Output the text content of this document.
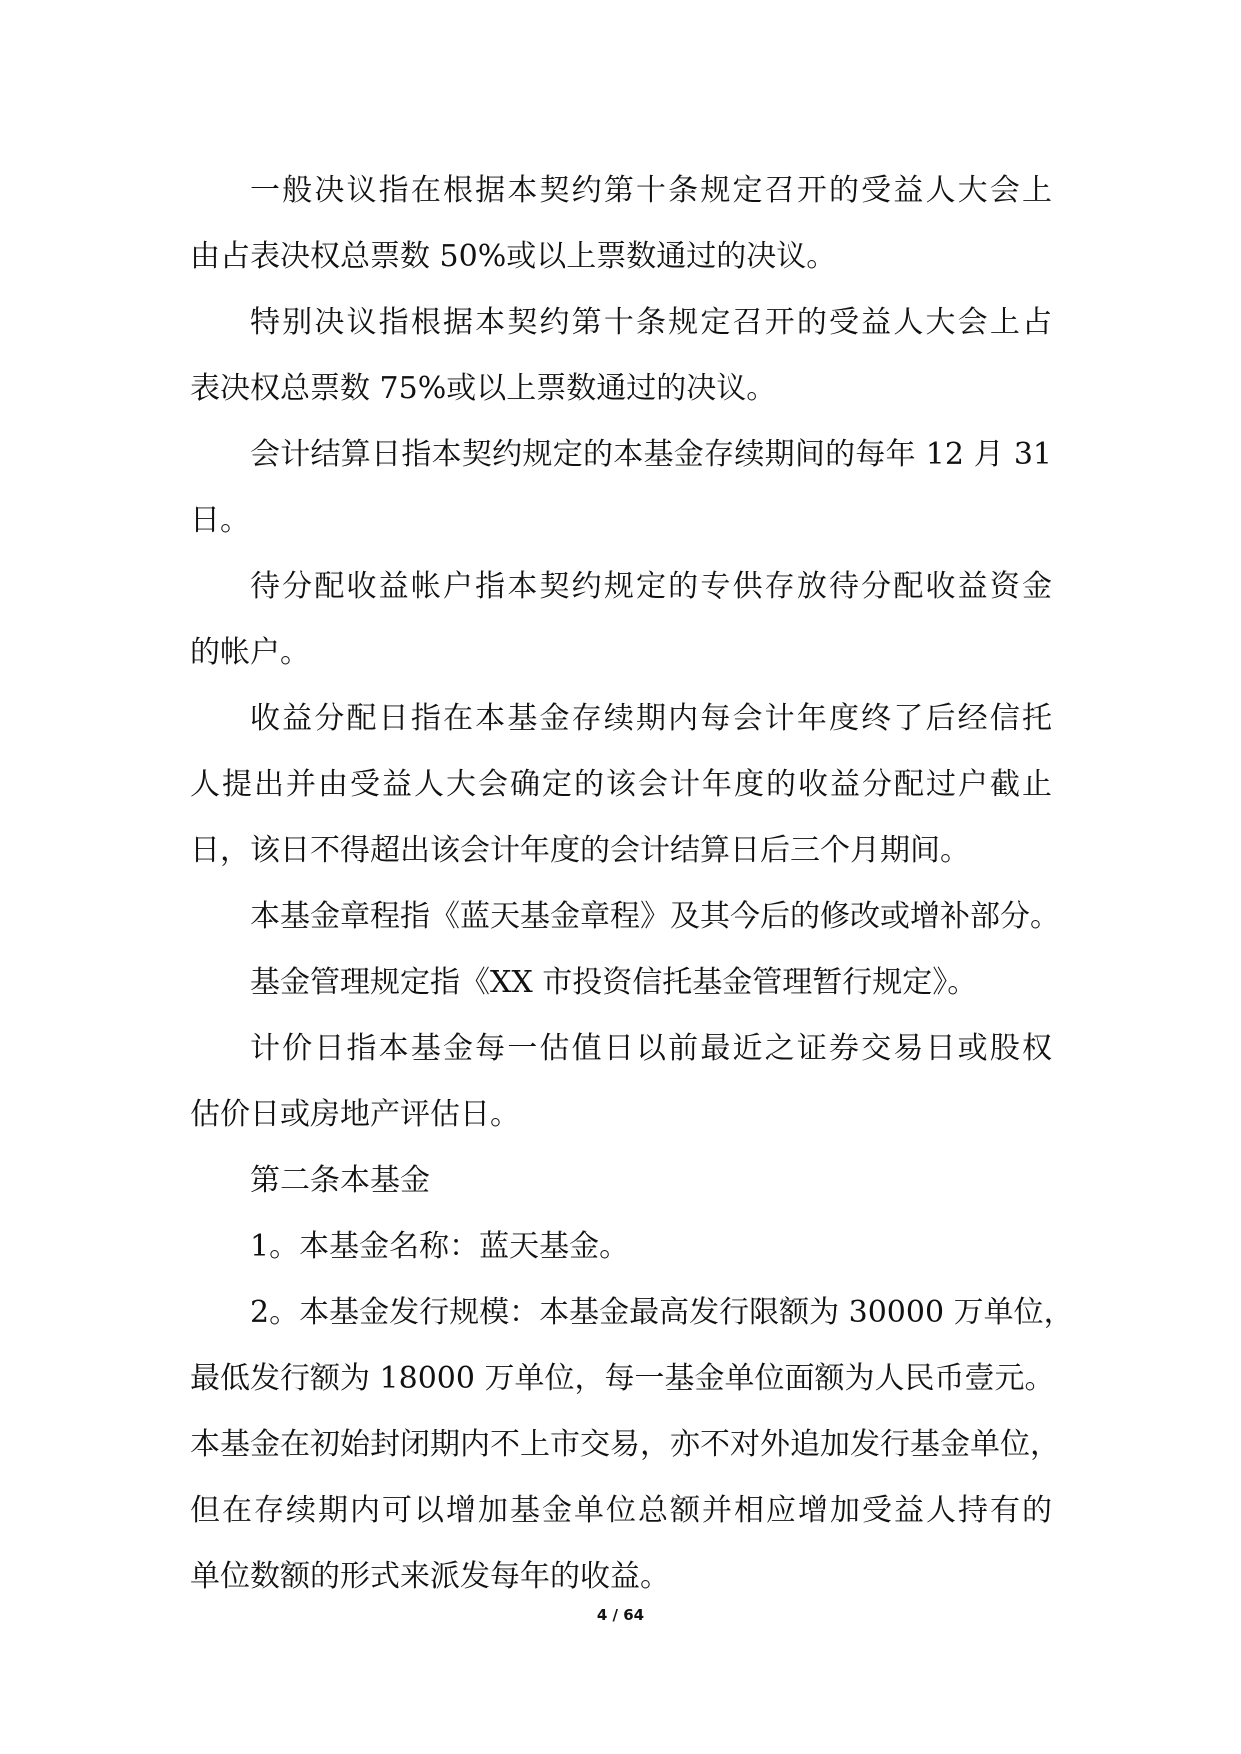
一般决议指在根据本契约第十条规定召开的受益人大会上
由占表决权总票数 50%或以上票数通过的决议。
特别决议指根据本契约第十条规定召开的受益人大会上占
表决权总票数 75%或以上票数通过的决议。
会计结算日指本契约规定的本基金存续期间的每年 12 月 31
日。
待分配收益帐户指本契约规定的专供存放待分配收益资金
的帐户。
收益分配日指在本基金存续期内每会计年度终了后经信托
人提出并由受益人大会确定的该会计年度的收益分配过户截止
日，该日不得超出该会计年度的会计结算日后三个月期间。
本基金章程指《蓝天基金章程》及其今后的修改或增补部分。
基金管理规定指《XX 市投资信托基金管理暂行规定》。
计价日指本基金每一估值日以前最近之证券交易日或股权
估价日或房地产评估日。
第二条本基金
1。本基金名称：蓝天基金。
2。本基金发行规模：本基金最高发行限额为 30000 万单位，
最低发行额为 18000 万单位，每一基金单位面额为人民币壹元。
本基金在初始封闭期内不上市交易，亦不对外追加发行基金单位，
但在存续期内可以增加基金单位总额并相应增加受益人持有的
单位数额的形式来派发每年的收益。
4 / 64
